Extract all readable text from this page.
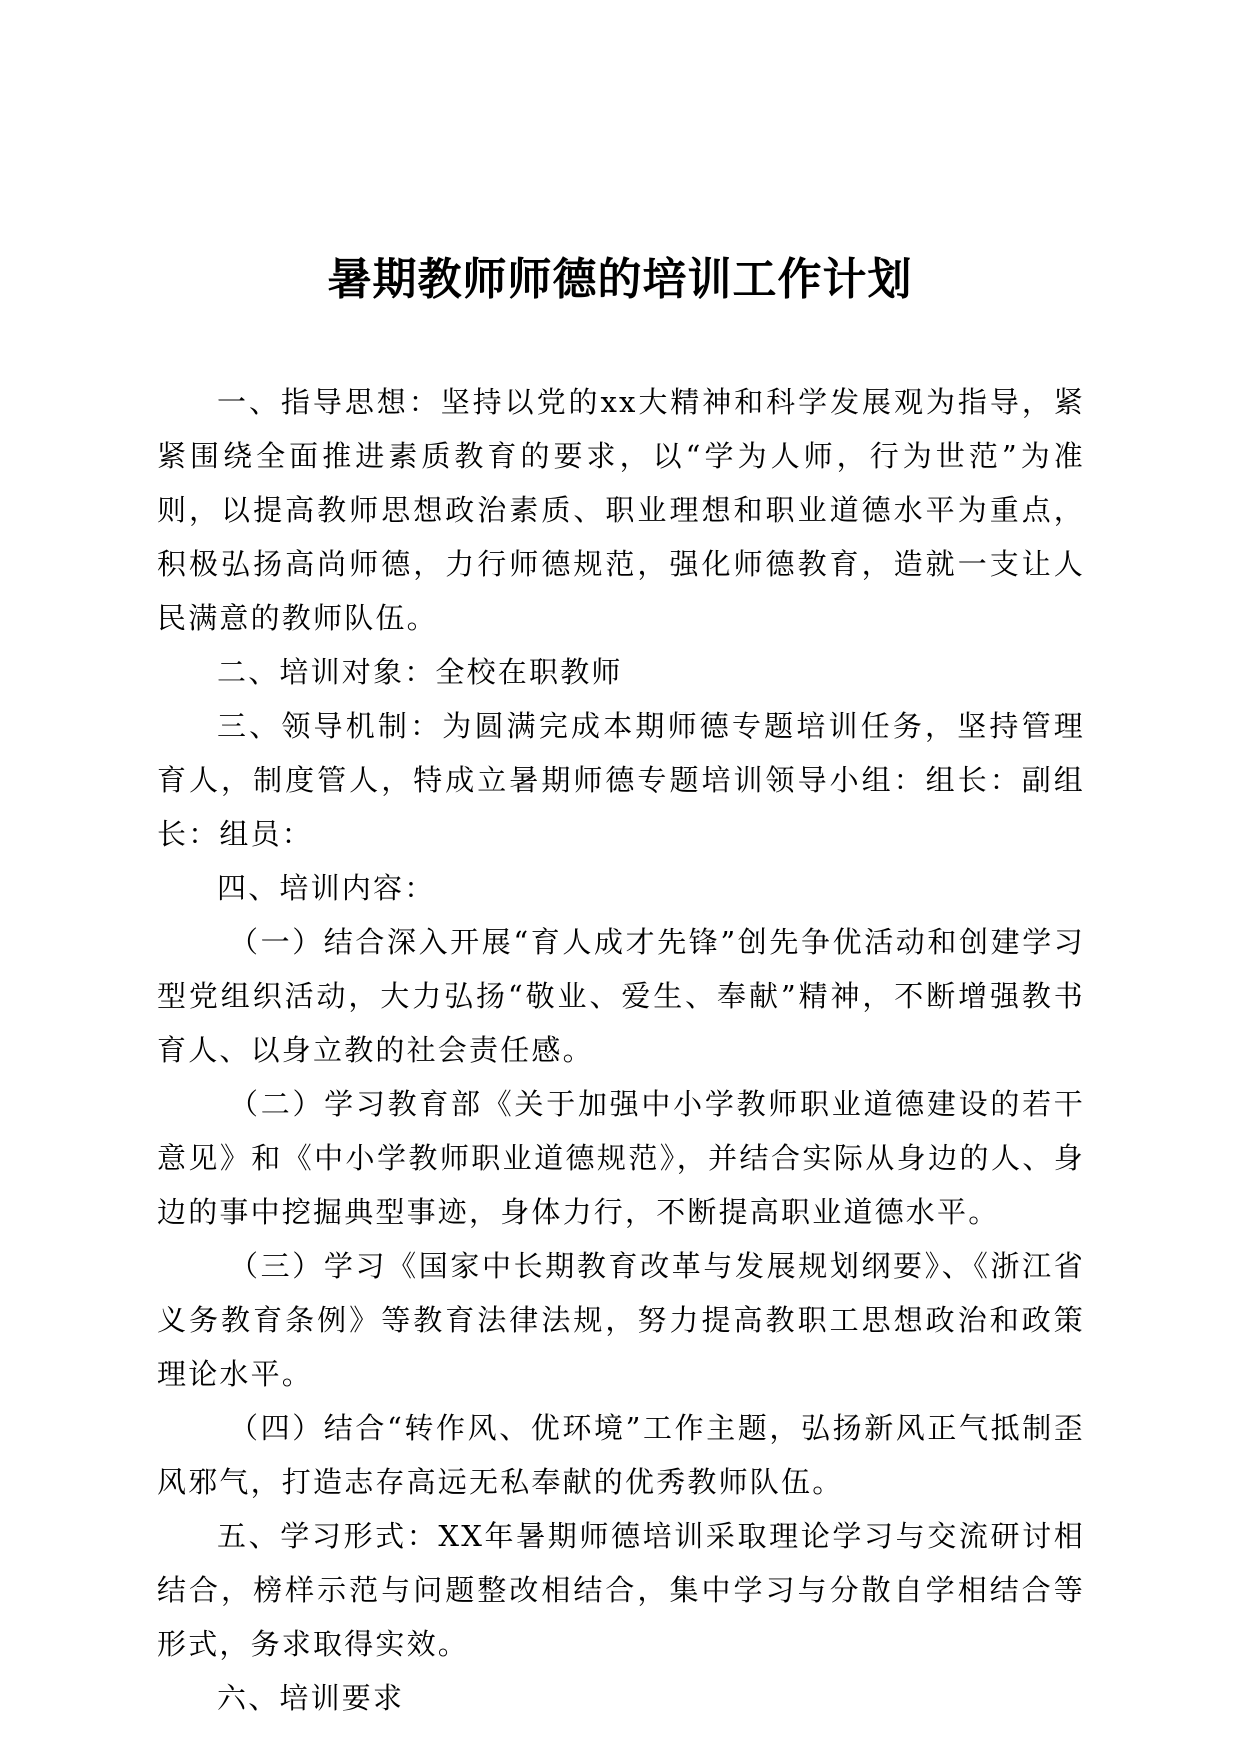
暑期教师师德的培训工作计划

一、指导思想：坚持以党的xx大精神和科学发展观为指导，紧紧围绕全面推进素质教育的要求，以“学为人师，行为世范”为准则，以提高教师思想政治素质、职业理想和职业道德水平为重点，积极弘扬高尚师德，力行师德规范，强化师德教育，造就一支让人民满意的教师队伍。

二、培训对象：全校在职教师

三、领导机制：为圆满完成本期师德专题培训任务，坚持管理育人，制度管人，特成立暑期师德专题培训领导小组：组长：副组长：组员：

四、培训内容：

（一）结合深入开展“育人成才先锋”创先争优活动和创建学习型党组织活动，大力弘扬“敬业、爱生、奉献”精神，不断增强教书育人、以身立教的社会责任感。

（二）学习教育部《关于加强中小学教师职业道德建设的若干意见》和《中小学教师职业道德规范》，并结合实际从身边的人、身边的事中挖掘典型事迹，身体力行，不断提高职业道德水平。

（三）学习《国家中长期教育改革与发展规划纲要》、《浙江省义务教育条例》等教育法律法规，努力提高教职工思想政治和政策理论水平。

（四）结合“转作风、优环境”工作主题，弘扬新风正气抵制歪风邪气，打造志存高远无私奉献的优秀教师队伍。

五、学习形式：XX年暑期师德培训采取理论学习与交流研讨相结合，榜样示范与问题整改相结合，集中学习与分散自学相结合等形式，务求取得实效。

六、培训要求
